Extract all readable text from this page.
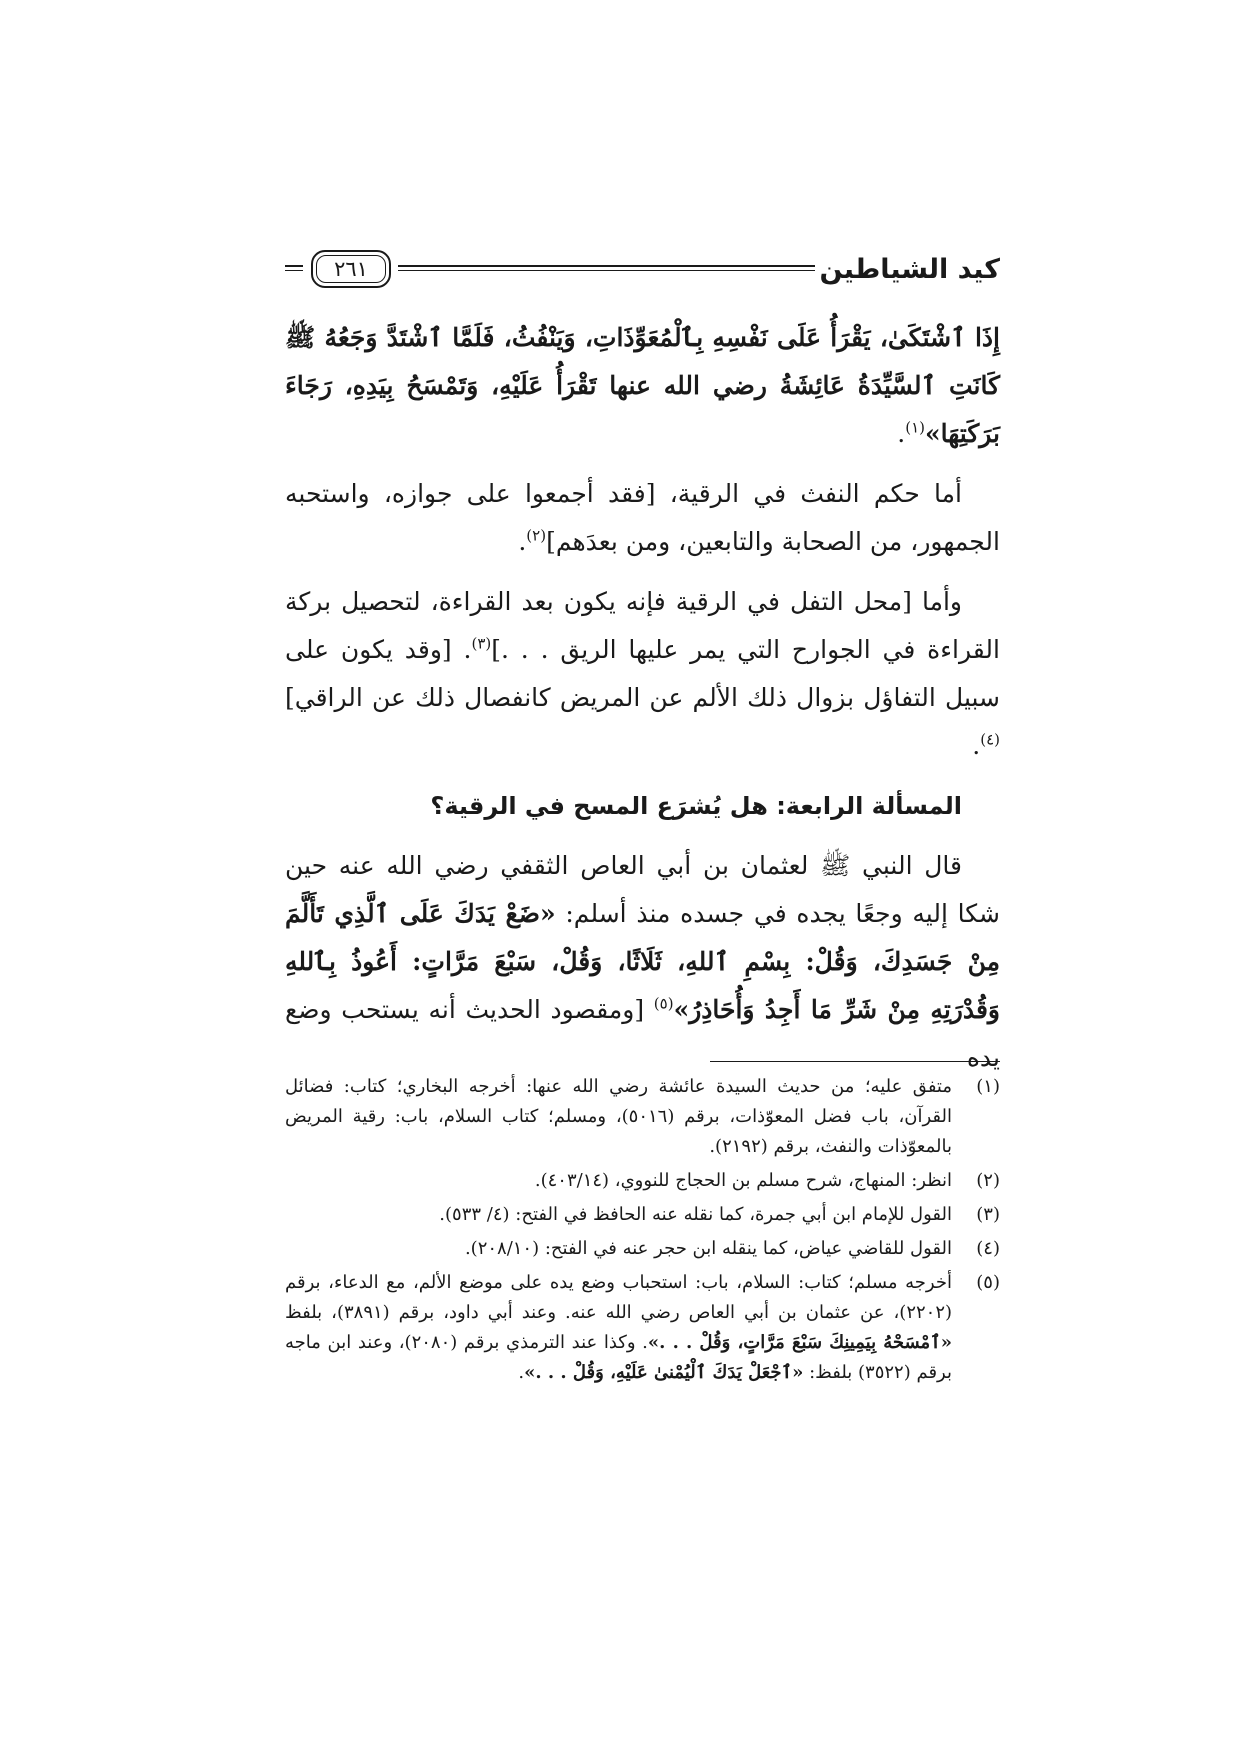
كيد الشياطين
٢٦١

إِذَا ٱشْتَكَىٰ، يَقْرَأُ عَلَى نَفْسِهِ بِٱلْمُعَوِّذَاتِ، وَيَنْفُثُ، فَلَمَّا ٱشْتَدَّ وَجَعُهُ ﷺ كَانَتِ ٱلسَّيِّدَةُ عَائِشَةُ رضي الله عنها تَقْرَأُ عَلَيْهِ، وَتَمْسَحُ بِيَدِهِ، رَجَاءَ بَرَكَتِهَا»$^{(١)}$.

أما حكم النفث في الرقية، [فقد أجمعوا على جوازه، واستحبه الجمهور، من الصحابة والتابعين، ومن بعدَهم]$^{(٢)}$.

وأما [محل التفل في الرقية فإنه يكون بعد القراءة، لتحصيل بركة القراءة في الجوارح التي يمر عليها الريق . . .]$^{(٣)}$. [وقد يكون على سبيل التفاؤل بزوال ذلك الألم عن المريض كانفصال ذلك عن الراقي]$^{(٤)}$.

المسألة الرابعة: هل يُشرَع المسح في الرقية؟

قال النبي ﷺ لعثمان بن أبي العاص الثقفي رضي الله عنه حين شكا إليه وجعًا يجده في جسده منذ أسلم: «ضَعْ يَدَكَ عَلَى ٱلَّذِي تَأَلَّمَ مِنْ جَسَدِكَ، وَقُلْ: بِسْمِ ٱللهِ، ثَلَاثًا، وَقُلْ، سَبْعَ مَرَّاتٍ: أَعُوذُ بِٱللهِ وَقُدْرَتِهِ مِنْ شَرِّ مَا أَجِدُ وَأُحَاذِرُ»$^{(٥)}$ [ومقصود الحديث أنه يستحب وضع يده

(١)
متفق عليه؛ من حديث السيدة عائشة رضي الله عنها: أخرجه البخاري؛ كتاب: فضائل القرآن، باب فضل المعوّذات، برقم (٥٠١٦)، ومسلم؛ كتاب السلام، باب: رقية المريض بالمعوّذات والنفث، برقم (٢١٩٢).

(٢)
انظر: المنهاج، شرح مسلم بن الحجاج للنووي، (٤٠٣/١٤).

(٣)
القول للإمام ابن أبي جمرة، كما نقله عنه الحافظ في الفتح: (٤/ ٥٣٣).

(٤)
القول للقاضي عياض، كما ينقله ابن حجر عنه في الفتح: (٢٠٨/١٠).

(٥)
أخرجه مسلم؛ كتاب: السلام، باب: استحباب وضع يده على موضع الألم، مع الدعاء، برقم (٢٢٠٢)، عن عثمان بن أبي العاص رضي الله عنه. وعند أبي داود، برقم (٣٨٩١)، بلفظ «ٱمْسَحْهُ بِيَمِينِكَ سَبْعَ مَرَّاتٍ، وَقُلْ . . .». وكذا عند الترمذي برقم (٢٠٨٠)، وعند ابن ماجه برقم (٣٥٢٢) بلفظ: «ٱجْعَلْ يَدَكَ ٱلْيُمْنىٰ عَلَيْهِ، وَقُلْ . . .».
